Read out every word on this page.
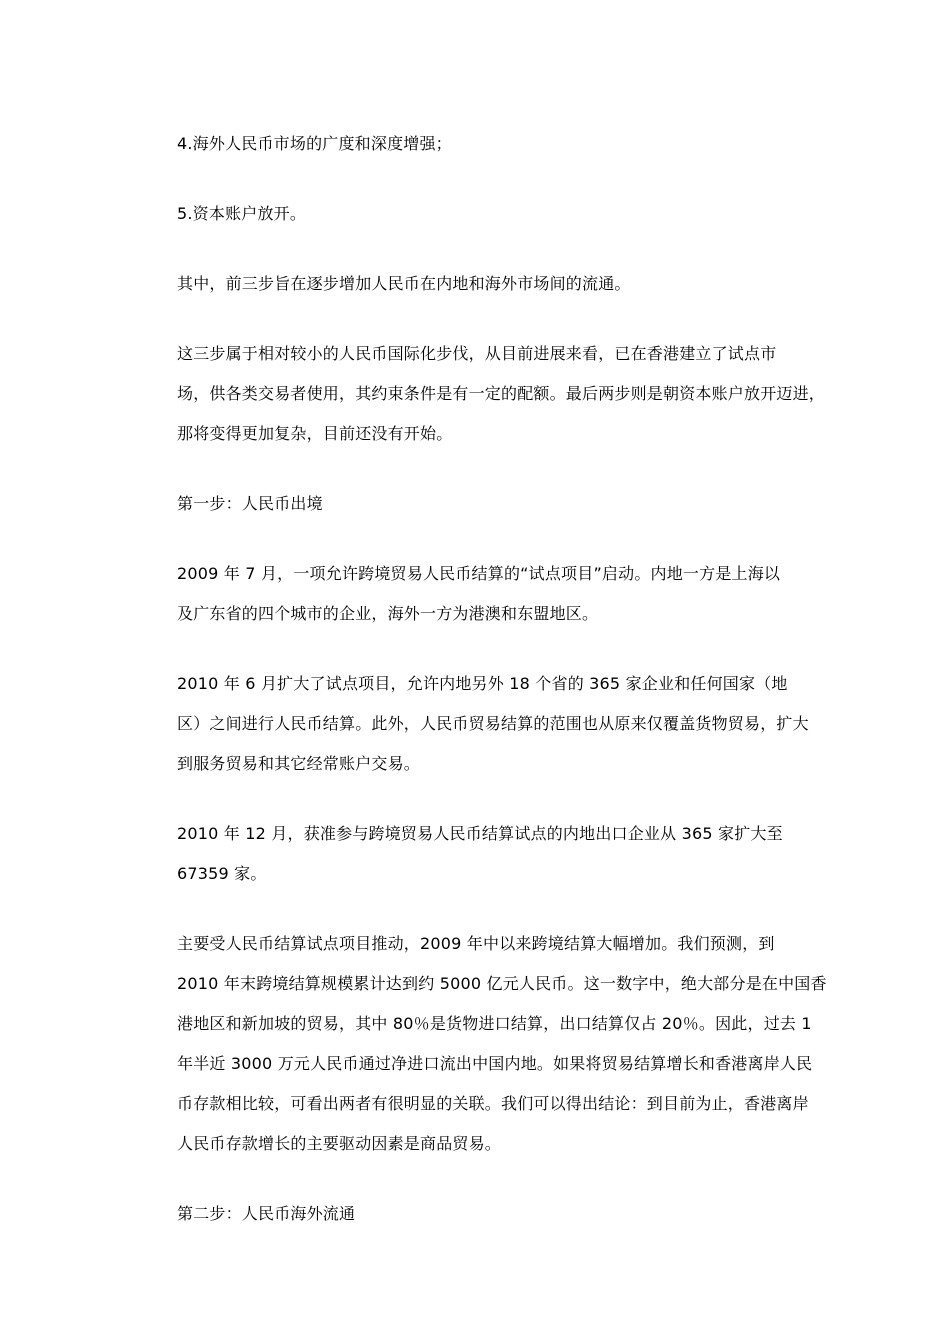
4.海外人民币市场的广度和深度增强；

5.资本账户放开。

其中，前三步旨在逐步增加人民币在内地和海外市场间的流通。

这三步属于相对较小的人民币国际化步伐，从目前进展来看，已在香港建立了试点市
场，供各类交易者使用，其约束条件是有一定的配额。最后两步则是朝资本账户放开迈进，
那将变得更加复杂，目前还没有开始。

第一步：人民币出境

2009 年 7 月，一项允许跨境贸易人民币结算的“试点项目”启动。内地一方是上海以
及广东省的四个城市的企业，海外一方为港澳和东盟地区。

2010 年 6 月扩大了试点项目，允许内地另外 18 个省的 365 家企业和任何国家（地
区）之间进行人民币结算。此外，人民币贸易结算的范围也从原来仅覆盖货物贸易，扩大
到服务贸易和其它经常账户交易。

2010 年 12 月，获准参与跨境贸易人民币结算试点的内地出口企业从 365 家扩大至
67359 家。

主要受人民币结算试点项目推动，2009 年中以来跨境结算大幅增加。我们预测，到
2010 年末跨境结算规模累计达到约 5000 亿元人民币。这一数字中，绝大部分是在中国香
港地区和新加坡的贸易，其中 80％是货物进口结算，出口结算仅占 20％。因此，过去 1
年半近 3000 万元人民币通过净进口流出中国内地。如果将贸易结算增长和香港离岸人民
币存款相比较，可看出两者有很明显的关联。我们可以得出结论：到目前为止，香港离岸
人民币存款增长的主要驱动因素是商品贸易。

第二步：人民币海外流通
